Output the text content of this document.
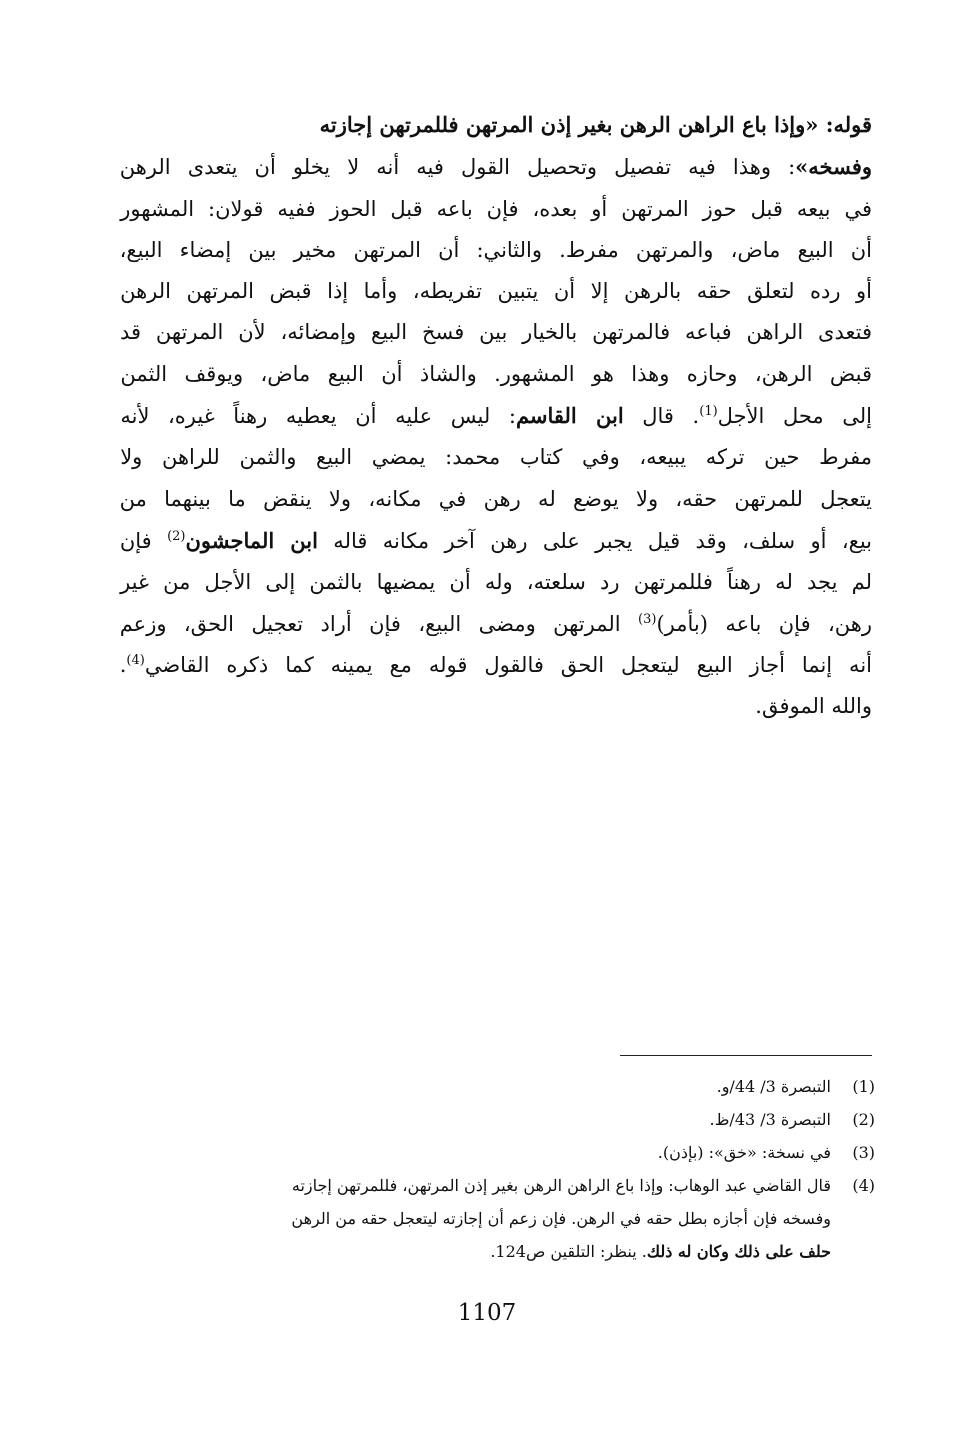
قوله: «وإذا باع الراهن الرهن بغير إذن المرتهن فللمرتهن إجازته
وفسخه»: وهذا فيه تفصيل وتحصيل القول فيه أنه لا يخلو أن يتعدى الرهن
في بيعه قبل حوز المرتهن أو بعده، فإن باعه قبل الحوز ففيه قولان: المشهور
أن البيع ماض، والمرتهن مفرط. والثاني: أن المرتهن مخير بين إمضاء البيع،
أو رده لتعلق حقه بالرهن إلا أن يتبين تفريطه، وأما إذا قبض المرتهن الرهن
فتعدى الراهن فباعه فالمرتهن بالخيار بين فسخ البيع وإمضائه، لأن المرتهن قد
قبض الرهن، وحازه وهذا هو المشهور. والشاذ أن البيع ماض، ويوقف الثمن
إلى محل الأجل$^{(1)}$. قال ابن القاسم: ليس عليه أن يعطيه رهناً غيره، لأنه
مفرط حين تركه يبيعه، وفي كتاب محمد: يمضي البيع والثمن للراهن ولا
يتعجل للمرتهن حقه، ولا يوضع له رهن في مكانه، ولا ينقض ما بينهما من
بيع، أو سلف، وقد قيل يجبر على رهن آخر مكانه قاله ابن الماجشون$^{(2)}$ فإن
لم يجد له رهناً فللمرتهن رد سلعته، وله أن يمضيها بالثمن إلى الأجل من غير
رهن، فإن باعه (بأمر)$^{(3)}$ المرتهن ومضى البيع، فإن أراد تعجيل الحق، وزعم
أنه إنما أجاز البيع ليتعجل الحق فالقول قوله مع يمينه كما ذكره القاضي$^{(4)}$.
والله الموفق.
(1)التبصرة 3/ 44/و.
(2)التبصرة 3/ 43/ظ.
(3)في نسخة: «خق»: (بإذن).
(4)قال القاضي عبد الوهاب: وإذا باع الراهن الرهن بغير إذن المرتهن، فللمرتهن إجازته
وفسخه فإن أجازه بطل حقه في الرهن. فإن زعم أن إجازته ليتعجل حقه من الرهن
حلف على ذلك وكان له ذلك. ينظر: التلقين ص124.
1107
